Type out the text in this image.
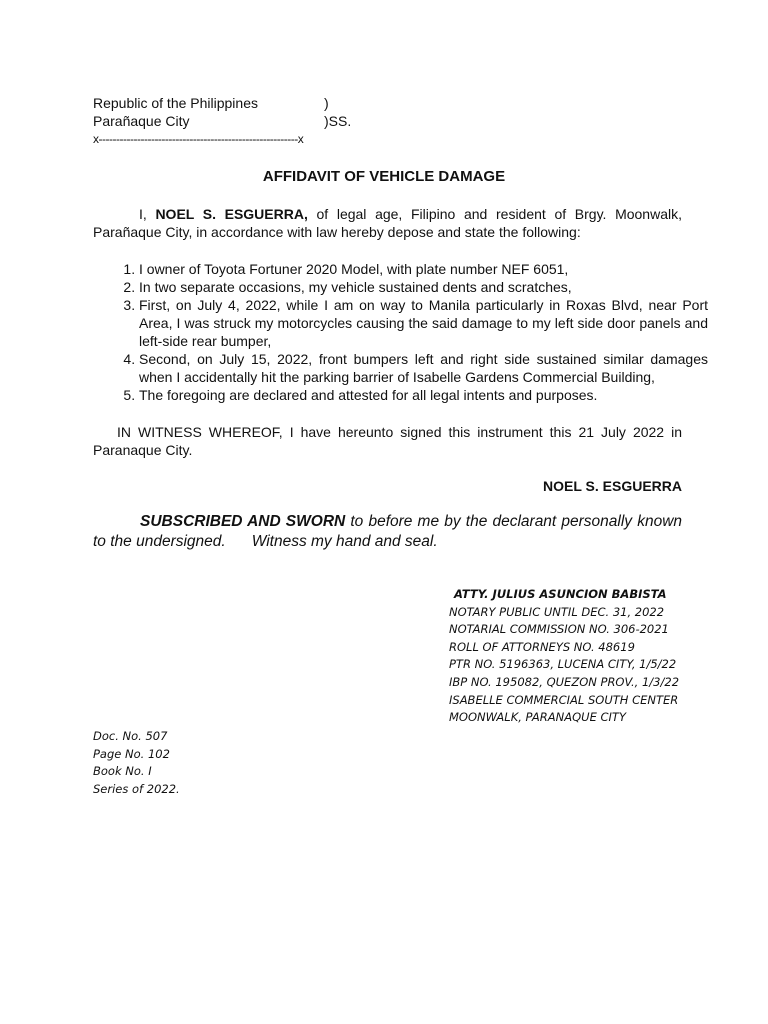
Republic of the Philippines	)
Parañaque City	)SS.
x---------------------------------------------------------x
AFFIDAVIT OF VEHICLE DAMAGE

I, NOEL S. ESGUERRA, of legal age, Filipino and resident of Brgy. Moonwalk, Parañaque City, in accordance with law hereby depose and state the following:

1. I owner of Toyota Fortuner 2020 Model, with plate number NEF 6051,
2. In two separate occasions, my vehicle sustained dents and scratches,
3. First, on July 4, 2022, while I am on way to Manila particularly in Roxas Blvd, near Port Area, I was struck my motorcycles causing the said damage to my left side door panels and left-side rear bumper,
4. Second, on July 15, 2022, front bumpers left and right side sustained similar damages when I accidentally hit the parking barrier of Isabelle Gardens Commercial Building,
5. The foregoing are declared and attested for all legal intents and purposes.

IN WITNESS WHEREOF, I have hereunto signed this instrument this 21 July 2022 in Paranaque City.

NOEL S. ESGUERRA

SUBSCRIBED AND SWORN to before me by the declarant personally known to the undersigned. Witness my hand and seal.

ATTY. JULIUS ASUNCION BABISTA
NOTARY PUBLIC UNTIL DEC. 31, 2022
NOTARIAL COMMISSION NO. 306-2021
ROLL OF ATTORNEYS NO. 48619
PTR NO. 5196363, LUCENA CITY, 1/5/22
IBP NO. 195082, QUEZON PROV., 1/3/22
ISABELLE COMMERCIAL SOUTH CENTER
MOONWALK, PARANAQUE CITY
Doc. No. 507
Page No. 102
Book No. I
Series of 2022.
